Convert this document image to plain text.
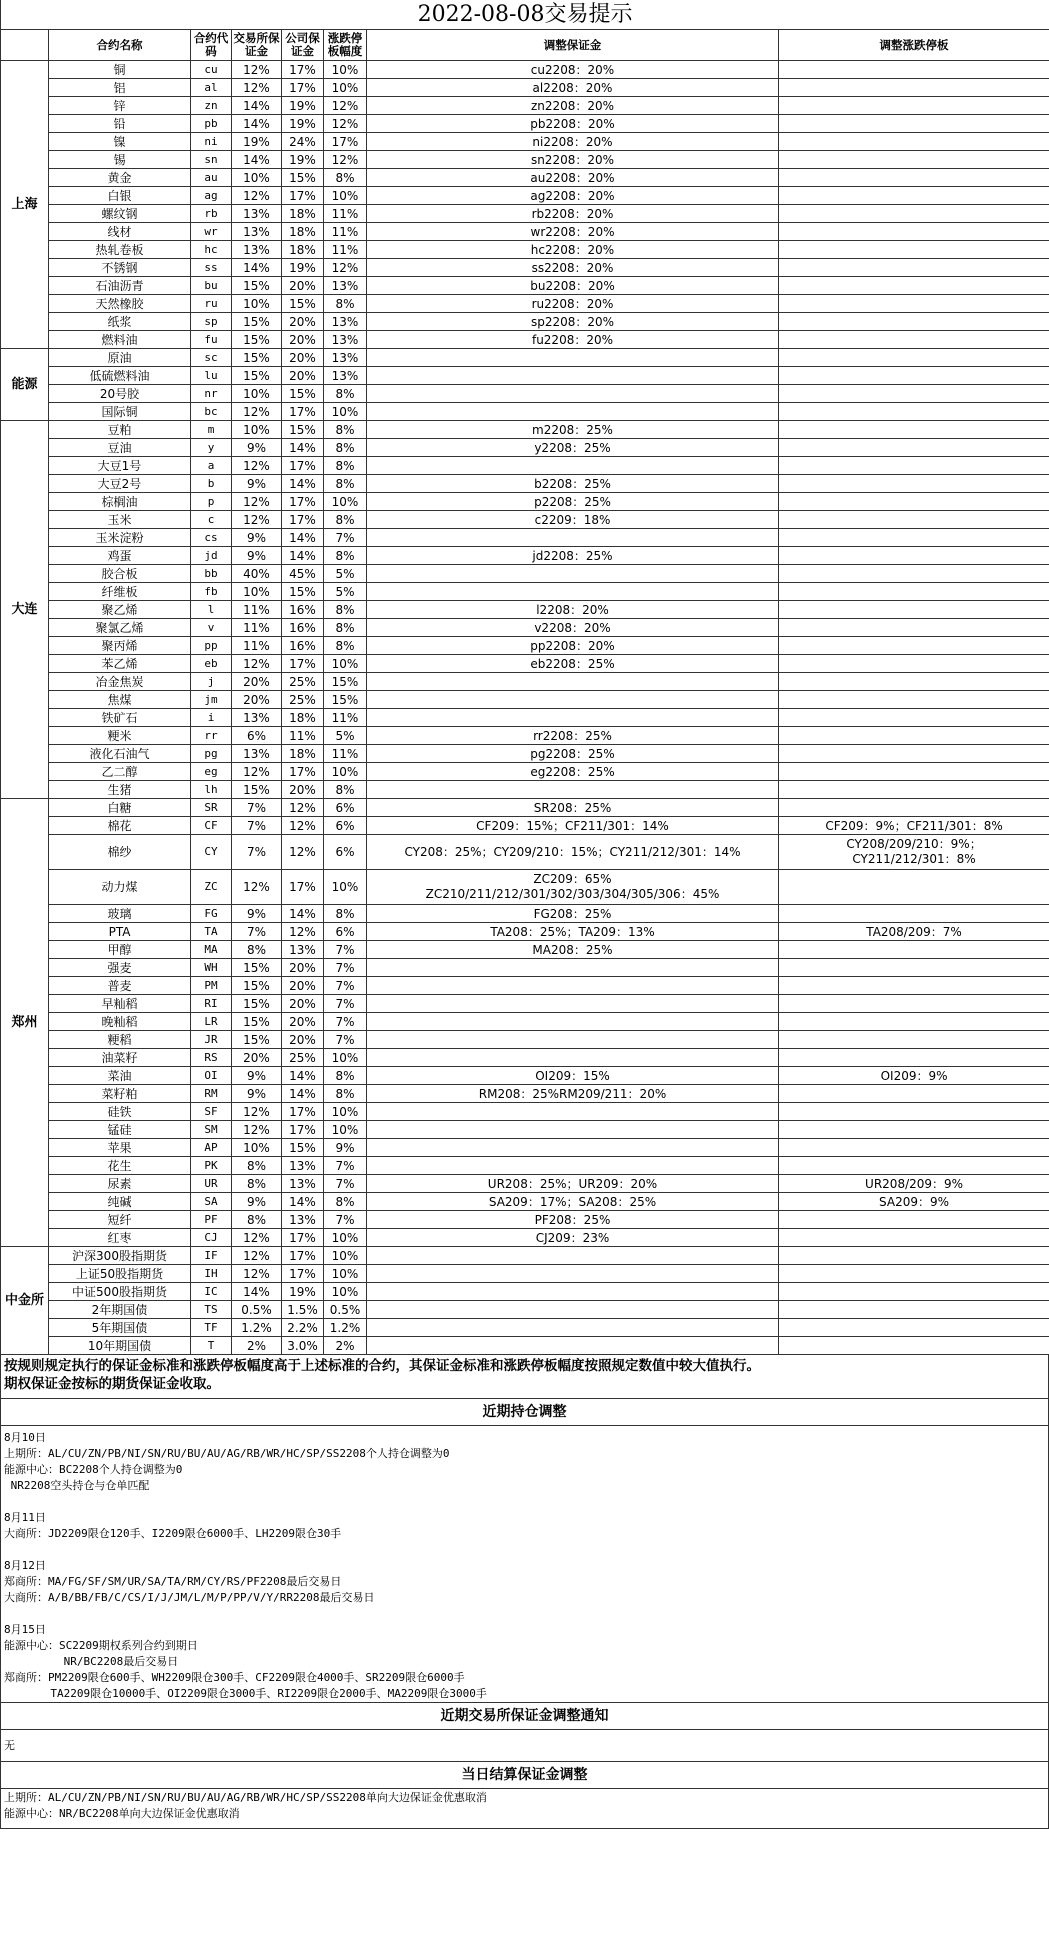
2022-08-08交易提示							
	合约名称	合约代码	交易所保证金	公司保证金	涨跌停板幅度	调整保证金	调整涨跌停板
上海	铜	cu	12%	17%	10%	cu2208：20%	
	铝	al	12%	17%	10%	al2208：20%	
	锌	zn	14%	19%	12%	zn2208：20%	
	铅	pb	14%	19%	12%	pb2208：20%	
	镍	ni	19%	24%	17%	ni2208：20%	
	锡	sn	14%	19%	12%	sn2208：20%	
	黄金	au	10%	15%	8%	au2208：20%	
	白银	ag	12%	17%	10%	ag2208：20%	
	螺纹钢	rb	13%	18%	11%	rb2208：20%	
	线材	wr	13%	18%	11%	wr2208：20%	
	热轧卷板	hc	13%	18%	11%	hc2208：20%	
	不锈钢	ss	14%	19%	12%	ss2208：20%	
	石油沥青	bu	15%	20%	13%	bu2208：20%	
	天然橡胶	ru	10%	15%	8%	ru2208：20%	
	纸浆	sp	15%	20%	13%	sp2208：20%	
	燃料油	fu	15%	20%	13%	fu2208：20%	
能源	原油	sc	15%	20%	13%		
	低硫燃料油	lu	15%	20%	13%		
	20号胶	nr	10%	15%	8%		
	国际铜	bc	12%	17%	10%		
大连	豆粕	m	10%	15%	8%	m2208：25%	
	豆油	y	9%	14%	8%	y2208：25%	
	大豆1号	a	12%	17%	8%		
	大豆2号	b	9%	14%	8%	b2208：25%	
	棕榈油	p	12%	17%	10%	p2208：25%	
	玉米	c	12%	17%	8%	c2209：18%	
	玉米淀粉	cs	9%	14%	7%		
	鸡蛋	jd	9%	14%	8%	jd2208：25%	
	胶合板	bb	40%	45%	5%		
	纤维板	fb	10%	15%	5%		
	聚乙烯	l	11%	16%	8%	l2208：20%	
	聚氯乙烯	v	11%	16%	8%	v2208：20%	
	聚丙烯	pp	11%	16%	8%	pp2208：20%	
	苯乙烯	eb	12%	17%	10%	eb2208：25%	
	冶金焦炭	j	20%	25%	15%		
	焦煤	jm	20%	25%	15%		
	铁矿石	i	13%	18%	11%		
	粳米	rr	6%	11%	5%	rr2208：25%	
	液化石油气	pg	13%	18%	11%	pg2208：25%	
	乙二醇	eg	12%	17%	10%	eg2208：25%	
	生猪	lh	15%	20%	8%		
郑州	白糖	SR	7%	12%	6%	SR208：25%	
	棉花	CF	7%	12%	6%	CF209：15%；CF211/301：14%	CF209：9%；CF211/301：8%
	棉纱	CY	7%	12%	6%	CY208：25%；CY209/210：15%；CY211/212/301：14%	CY208/209/210：9%；
CY211/212/301：8%
	动力煤	ZC	12%	17%	10%	ZC209：65%
ZC210/211/212/301/302/303/304/305/306：45%	
	玻璃	FG	9%	14%	8%	FG208：25%	
	PTA	TA	7%	12%	6%	TA208：25%；TA209：13%	TA208/209：7%
	甲醇	MA	8%	13%	7%	MA208：25%	
	强麦	WH	15%	20%	7%		
	普麦	PM	15%	20%	7%		
	早籼稻	RI	15%	20%	7%		
	晚籼稻	LR	15%	20%	7%		
	粳稻	JR	15%	20%	7%		
	油菜籽	RS	20%	25%	10%		
	菜油	OI	9%	14%	8%	OI209：15%	OI209：9%
	菜籽粕	RM	9%	14%	8%	RM208：25%RM209/211：20%	
	硅铁	SF	12%	17%	10%		
	锰硅	SM	12%	17%	10%		
	苹果	AP	10%	15%	9%		
	花生	PK	8%	13%	7%		
	尿素	UR	8%	13%	7%	UR208：25%；UR209：20%	UR208/209：9%
	纯碱	SA	9%	14%	8%	SA209：17%；SA208：25%	SA209：9%
	短纤	PF	8%	13%	7%	PF208：25%	
	红枣	CJ	12%	17%	10%	CJ209：23%	
中金所	沪深300股指期货	IF	12%	17%	10%		
	上证50股指期货	IH	12%	17%	10%		
	中证500股指期货	IC	14%	19%	10%		
	2年期国债	TS	0.5%	1.5%	0.5%		
	5年期国债	TF	1.2%	2.2%	1.2%		
	10年期国债	T	2%	3.0%	2%		
按规则规定执行的保证金标准和涨跌停板幅度高于上述标准的合约，其保证金标准和涨跌停板幅度按照规定数值中较大值执行。
期权保证金按标的期货保证金收取。
近期持仓调整
8月10日
上期所：AL/CU/ZN/PB/NI/SN/RU/BU/AU/AG/RB/WR/HC/SP/SS2208个人持仓调整为0
能源中心：BC2208个人持仓调整为0
NR2208空头持仓与仓单匹配
8月11日
大商所：JD2209限仓120手、I2209限仓6000手、LH2209限仓30手
8月12日
郑商所：MA/FG/SF/SM/UR/SA/TA/RM/CY/RS/PF2208最后交易日
大商所：A/B/BB/FB/C/CS/I/J/JM/L/M/P/PP/V/Y/RR2208最后交易日
8月15日
能源中心：SC2209期权系列合约到期日
NR/BC2208最后交易日
郑商所：PM2209限仓600手、WH2209限仓300手、CF2209限仓4000手、SR2209限仓6000手
TA2209限仓10000手、OI2209限仓3000手、RI2209限仓2000手、MA2209限仓3000手
近期交易所保证金调整通知
无
当日结算保证金调整
上期所：AL/CU/ZN/PB/NI/SN/RU/BU/AU/AG/RB/WR/HC/SP/SS2208单向大边保证金优惠取消
能源中心：NR/BC2208单向大边保证金优惠取消
